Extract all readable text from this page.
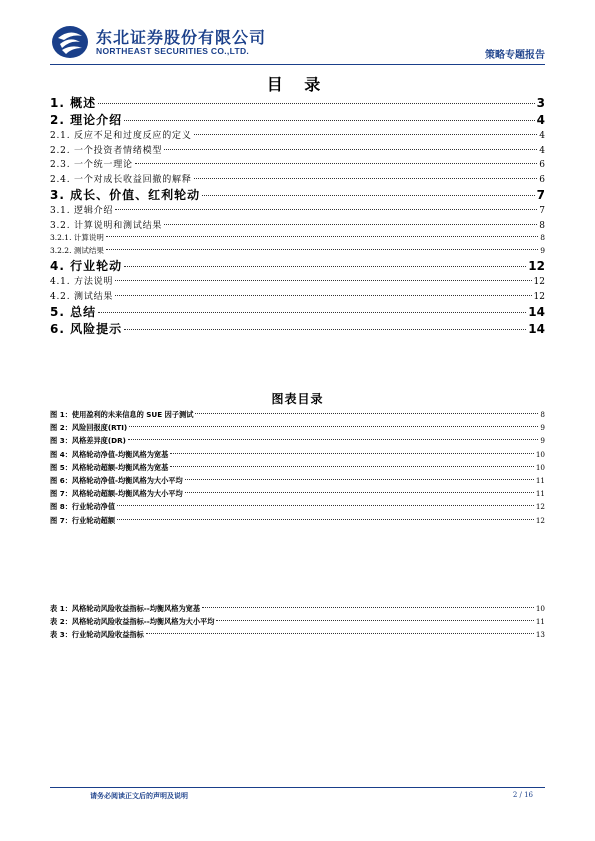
东北证券股份有限公司
NORTHEAST SECURITIES CO.,LTD.	策略专题报告
目 录
1. 概述	3
2. 理论介绍	4
2.1. 反应不足和过度反应的定义	4
2.2. 一个投资者情绪模型	4
2.3. 一个统一理论	6
2.4. 一个对成长收益回撤的解释	6
3. 成长、价值、红利轮动	7
3.1. 逻辑介绍	7
3.2. 计算说明和测试结果	8
3.2.1. 计算说明	8
3.2.2. 测试结果	9
4. 行业轮动	12
4.1. 方法说明	12
4.2. 测试结果	12
5. 总结	14
6. 风险提示	14
图表目录
图 1：使用盈利的未来信息的 SUE 因子测试	8
图 2：风险回报度(RTI)	9
图 3：风格差异度(DR)	9
图 4：风格轮动净值-均衡风格为宽基	10
图 5：风格轮动超额-均衡风格为宽基	10
图 6：风格轮动净值-均衡风格为大小平均	11
图 7：风格轮动超额-均衡风格为大小平均	11
图 8：行业轮动净值	12
图 7：行业轮动超额	12
表 1：风格轮动风险收益指标--均衡风格为宽基	10
表 2：风格轮动风险收益指标--均衡风格为大小平均	11
表 3：行业轮动风险收益指标	13
请务必阅读正文后的声明及说明	2 / 16
